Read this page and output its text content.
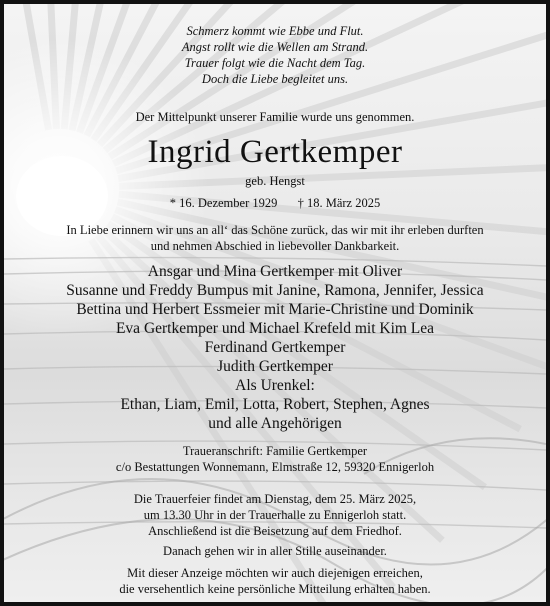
Schmerz kommt wie Ebbe und Flut.
Angst rollt wie die Wellen am Strand.
Trauer folgt wie die Nacht dem Tag.
Doch die Liebe begleitet uns.
Der Mittelpunkt unserer Familie wurde uns genommen.
Ingrid Gertkemper
geb. Hengst
* 16. Dezember 1929 † 18. März 2025
In Liebe erinnern wir uns an all‘ das Schöne zurück, das wir mit ihr erleben durften
und nehmen Abschied in liebevoller Dankbarkeit.
Ansgar und Mina Gertkemper mit Oliver
Susanne und Freddy Bumpus mit Janine, Ramona, Jennifer, Jessica
Bettina und Herbert Essmeier mit Marie-Christine und Dominik
Eva Gertkemper und Michael Krefeld mit Kim Lea
Ferdinand Gertkemper
Judith Gertkemper
Als Urenkel:
Ethan, Liam, Emil, Lotta, Robert, Stephen, Agnes
und alle Angehörigen
Traueranschrift: Familie Gertkemper
c/o Bestattungen Wonnemann, Elmstraße 12, 59320 Ennigerloh
Die Trauerfeier findet am Dienstag, dem 25. März 2025,
um 13.30 Uhr in der Trauerhalle zu Ennigerloh statt.
Anschließend ist die Beisetzung auf dem Friedhof.
Danach gehen wir in aller Stille auseinander.
Mit dieser Anzeige möchten wir auch diejenigen erreichen,
die versehentlich keine persönliche Mitteilung erhalten haben.
